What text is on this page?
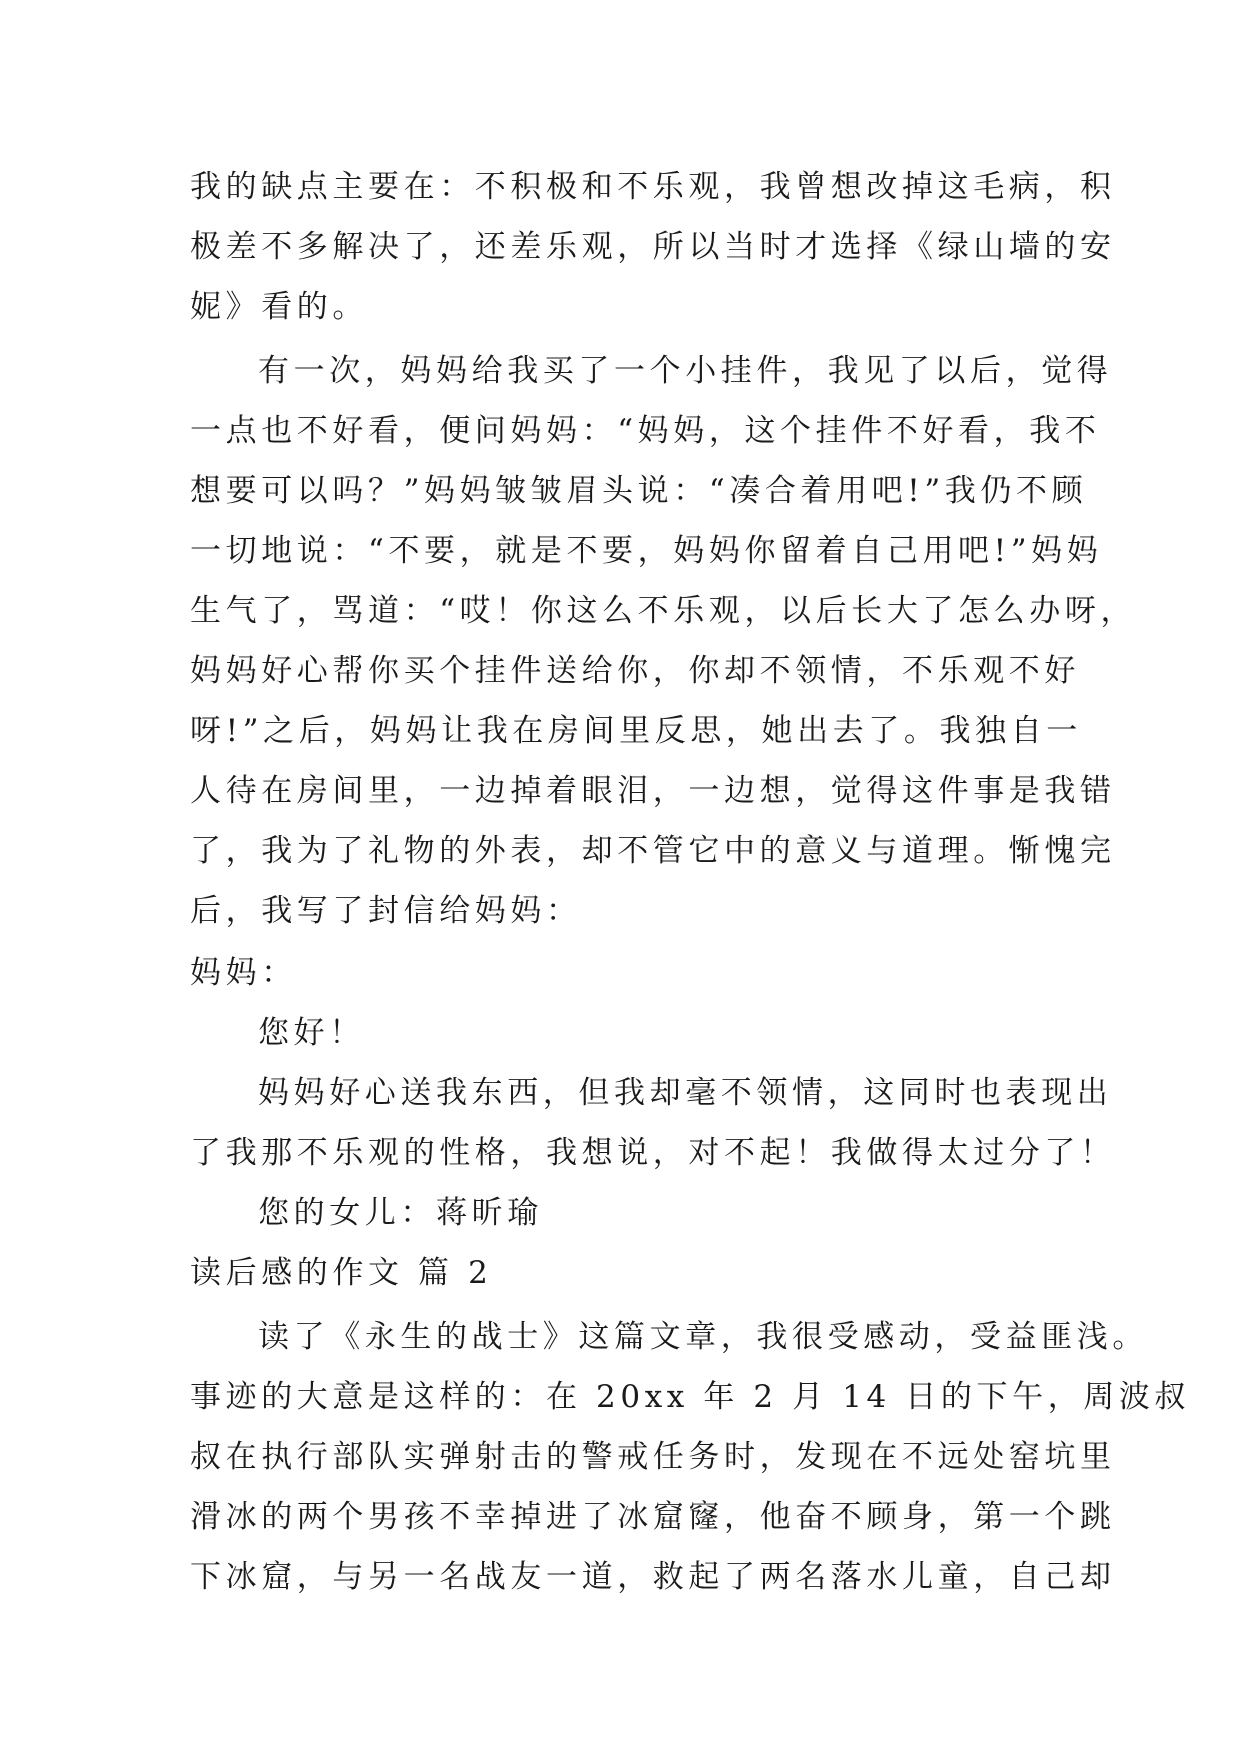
我的缺点主要在：不积极和不乐观，我曾想改掉这毛病，积
极差不多解决了，还差乐观，所以当时才选择《绿山墙的安
妮》看的。
有一次，妈妈给我买了一个小挂件，我见了以后，觉得
一点也不好看，便问妈妈：“妈妈，这个挂件不好看，我不
想要可以吗？”妈妈皱皱眉头说：“凑合着用吧!”我仍不顾
一切地说：“不要，就是不要，妈妈你留着自己用吧!”妈妈
生气了，骂道：“哎！你这么不乐观，以后长大了怎么办呀，
妈妈好心帮你买个挂件送给你，你却不领情，不乐观不好
呀!”之后，妈妈让我在房间里反思，她出去了。我独自一
人待在房间里，一边掉着眼泪，一边想，觉得这件事是我错
了，我为了礼物的外表，却不管它中的意义与道理。惭愧完
后，我写了封信给妈妈：
妈妈：
您好！
妈妈好心送我东西，但我却毫不领情，这同时也表现出
了我那不乐观的性格，我想说，对不起！我做得太过分了！
您的女儿：蒋昕瑜
读后感的作文 篇 2
读了《永生的战士》这篇文章，我很受感动，受益匪浅。
事迹的大意是这样的：在 20xx 年 2 月 14 日的下午，周波叔
叔在执行部队实弹射击的警戒任务时，发现在不远处窑坑里
滑冰的两个男孩不幸掉进了冰窟窿，他奋不顾身，第一个跳
下冰窟，与另一名战友一道，救起了两名落水儿童，自己却
